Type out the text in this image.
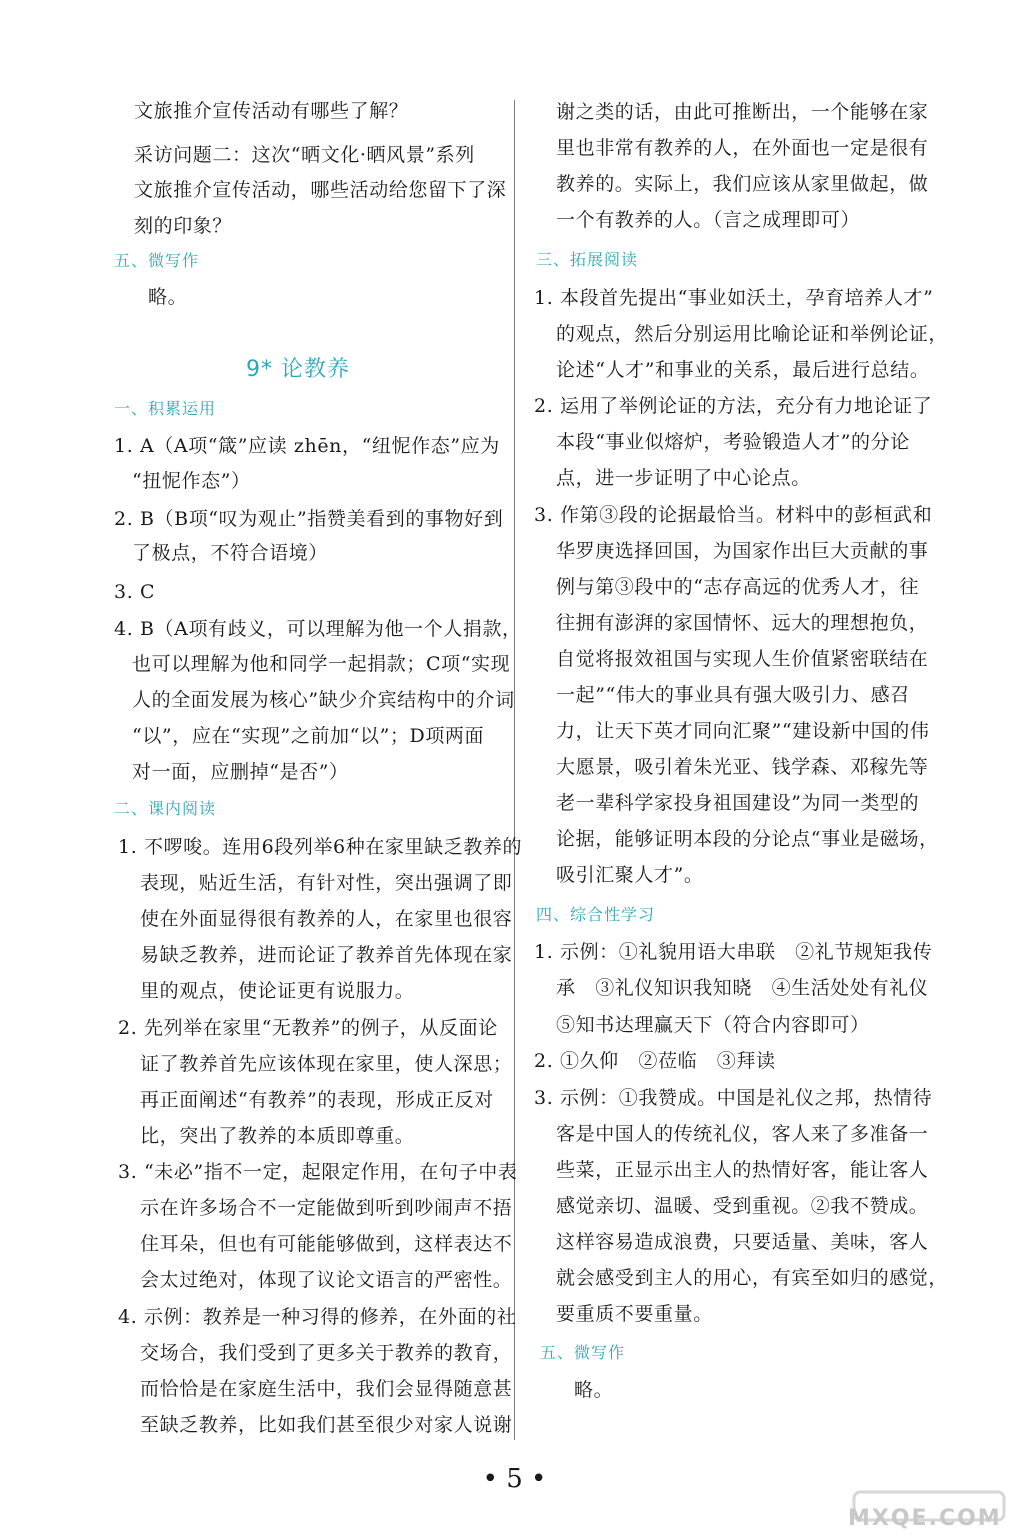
文旅推介宣传活动有哪些了解？
采访问题二：这次“晒文化·晒风景”系列
文旅推介宣传活动，哪些活动给您留下了深
刻的印象？
五、微写作
略。
9* 论教养
一、积累运用
1. A（A项“箴”应读 zhēn，“纽怩作态”应为
“扭怩作态”）
2. B（B项“叹为观止”指赞美看到的事物好到
了极点，不符合语境）
3. C
4. B（A项有歧义，可以理解为他一个人捐款，
也可以理解为他和同学一起捐款；C项“实现
人的全面发展为核心”缺少介宾结构中的介词
“以”，应在“实现”之前加“以”；D项两面
对一面，应删掉“是否”）
二、课内阅读
1. 不啰唆。连用6段列举6种在家里缺乏教养的
表现，贴近生活，有针对性，突出强调了即
使在外面显得很有教养的人，在家里也很容
易缺乏教养，进而论证了教养首先体现在家
里的观点，使论证更有说服力。
2. 先列举在家里“无教养”的例子，从反面论
证了教养首先应该体现在家里，使人深思；
再正面阐述“有教养”的表现，形成正反对
比，突出了教养的本质即尊重。
3. “未必”指不一定，起限定作用，在句子中表
示在许多场合不一定能做到听到吵闹声不捂
住耳朵，但也有可能能够做到，这样表达不
会太过绝对，体现了议论文语言的严密性。
4. 示例：教养是一种习得的修养，在外面的社
交场合，我们受到了更多关于教养的教育，
而恰恰是在家庭生活中，我们会显得随意甚
至缺乏教养，比如我们甚至很少对家人说谢
谢之类的话，由此可推断出，一个能够在家
里也非常有教养的人，在外面也一定是很有
教养的。实际上，我们应该从家里做起，做
一个有教养的人。（言之成理即可）
三、拓展阅读
1. 本段首先提出“事业如沃土，孕育培养人才”
的观点，然后分别运用比喻论证和举例论证，
论述“人才”和事业的关系，最后进行总结。
2. 运用了举例论证的方法，充分有力地论证了
本段“事业似熔炉，考验锻造人才”的分论
点，进一步证明了中心论点。
3. 作第③段的论据最恰当。材料中的彭桓武和
华罗庚选择回国，为国家作出巨大贡献的事
例与第③段中的“志存高远的优秀人才，往
往拥有澎湃的家国情怀、远大的理想抱负，
自觉将报效祖国与实现人生价值紧密联结在
一起”“伟大的事业具有强大吸引力、感召
力，让天下英才同向汇聚”“建设新中国的伟
大愿景，吸引着朱光亚、钱学森、邓稼先等
老一辈科学家投身祖国建设”为同一类型的
论据，能够证明本段的分论点“事业是磁场，
吸引汇聚人才”。
四、综合性学习
1. 示例：①礼貌用语大串联　②礼节规矩我传
承　③礼仪知识我知晓　④生活处处有礼仪
⑤知书达理赢天下（符合内容即可）
2. ①久仰　②莅临　③拜读
3. 示例：①我赞成。中国是礼仪之邦，热情待
客是中国人的传统礼仪，客人来了多准备一
些菜，正显示出主人的热情好客，能让客人
感觉亲切、温暖、受到重视。②我不赞成。
这样容易造成浪费，只要适量、美味，客人
就会感受到主人的用心，有宾至如归的感觉，
要重质不要重量。
五、微写作
略。
• 5 •
MXQE.COM
